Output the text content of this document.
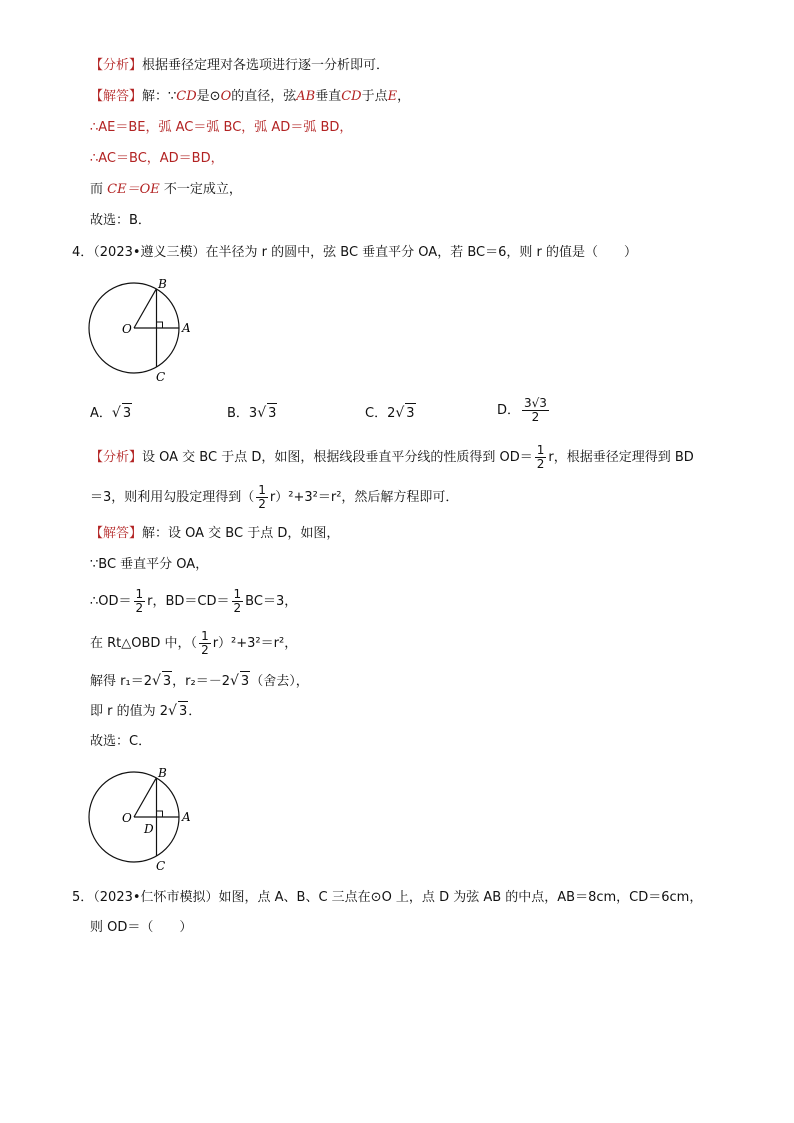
【分析】根据垂径定理对各选项进行逐一分析即可．
【解答】解：∵CD是⊙O的直径，弦AB垂直CD于点E，
∴AE＝BE，弧 AC＝弧 BC，弧 AD＝弧 BD，
∴AC＝BC，AD＝BD，
而 CE＝OE 不一定成立，
故选：B．
4．（2023•遵义三模）在半径为 r 的圆中，弦 BC 垂直平分 OA，若 BC＝6，则 r 的值是（　　）
B
O	A
C
A．√ 3	B．3√ 3	C．2√ 3	D． $\frac{3√3}{2}$
【分析】设 OA 交 BC 于点 D，如图，根据线段垂直平分线的性质得到 $OD= \frac{1}{2}$ r，根据垂径定理得到 BD
＝3，则利用勾股定理得到（ $\frac{1}{2} r)^2+3^2=r^2$，然后解方程即可．
【解答】解：设 OA 交 BC 于点 D，如图，
∵BC 垂直平分 OA，
∴OD＝ $\frac{1}{2}$ r，$BD=CD= \frac{1}{2} BC=3$，
在 Rt△OBD 中，（ $\frac{1}{2} r)^2+3^2=r^2$，
解得 r₁＝2√ 3，r₂＝－2√ 3（舍去），
即 r 的值为 2√ 3．
故选：C．
B
O
D
A
C
5．（2023•仁怀市模拟）如图，点 A、B、C 三点在⊙O 上，点 D 为弦 AB 的中点，AB＝8cm，CD＝6cm，
则 OD＝（　　）
